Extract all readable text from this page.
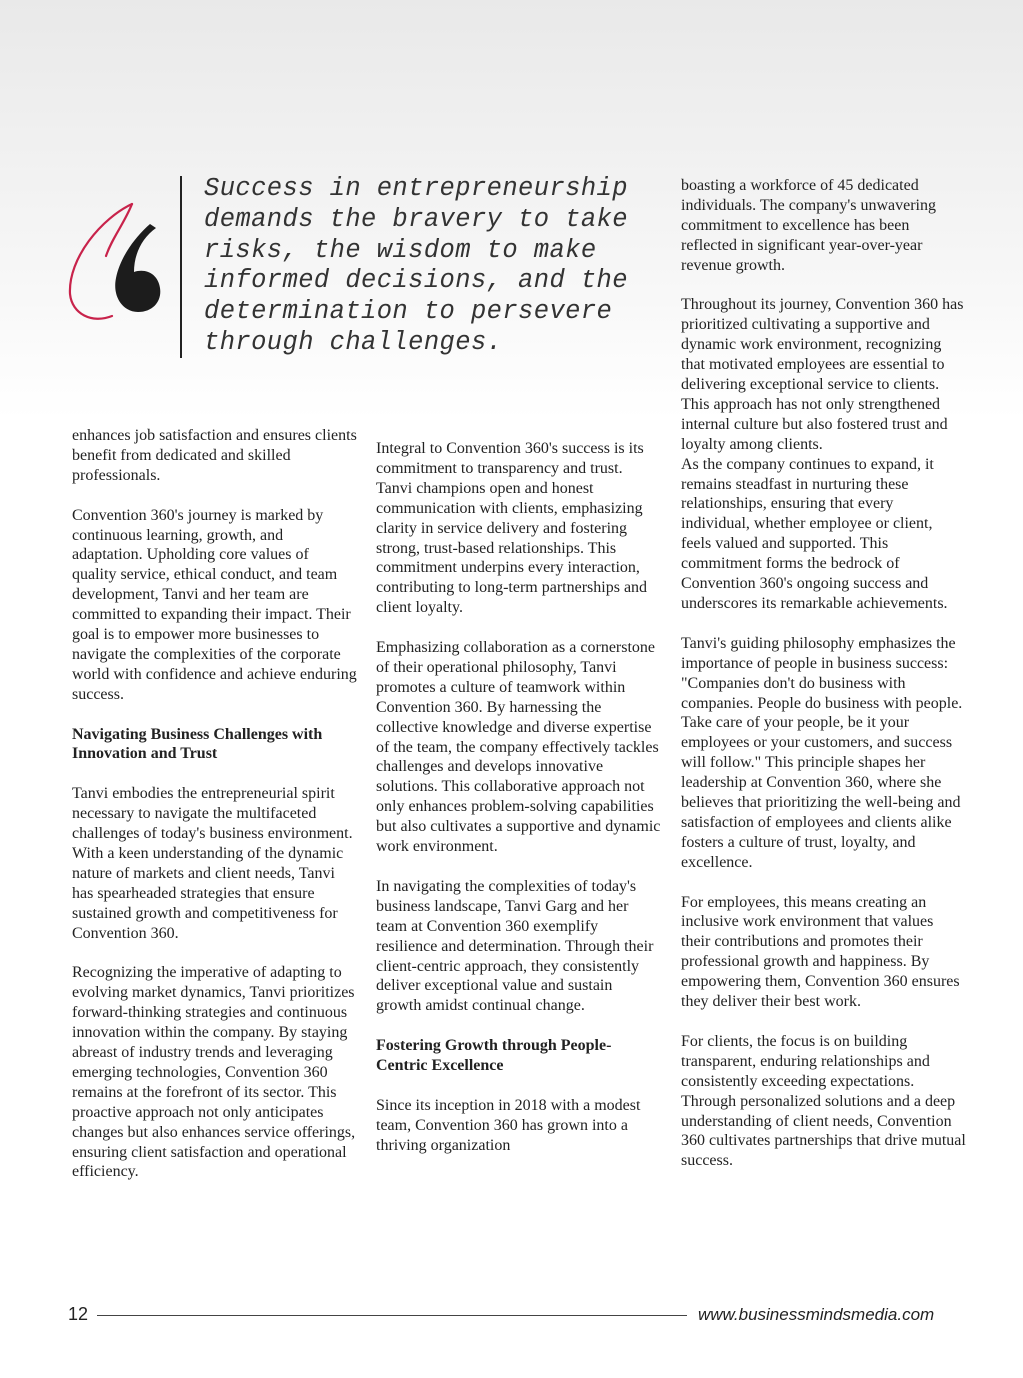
Success in entrepreneurship demands the bravery to take risks, the wisdom to make informed decisions, and the determination to persevere through challenges.

enhances job satisfaction and ensures clients benefit from dedicated and skilled professionals.

Convention 360's journey is marked by continuous learning, growth, and adaptation. Upholding core values of quality service, ethical conduct, and team development, Tanvi and her team are committed to expanding their impact. Their goal is to empower more businesses to navigate the complexities of the corporate world with confidence and achieve enduring success.

Navigating Business Challenges with Innovation and Trust

Tanvi embodies the entrepreneurial spirit necessary to navigate the multifaceted challenges of today's business environment. With a keen understanding of the dynamic nature of markets and client needs, Tanvi has spearheaded strategies that ensure sustained growth and competitiveness for Convention 360.

Recognizing the imperative of adapting to evolving market dynamics, Tanvi prioritizes forward-thinking strategies and continuous innovation within the company. By staying abreast of industry trends and leveraging emerging technologies, Convention 360 remains at the forefront of its sector. This proactive approach not only anticipates changes but also enhances service offerings, ensuring client satisfaction and operational efficiency.

Integral to Convention 360's success is its commitment to transparency and trust. Tanvi champions open and honest communication with clients, emphasizing clarity in service delivery and fostering strong, trust-based relationships. This commitment underpins every interaction, contributing to long-term partnerships and client loyalty.

Emphasizing collaboration as a cornerstone of their operational philosophy, Tanvi promotes a culture of teamwork within Convention 360. By harnessing the collective knowledge and diverse expertise of the team, the company effectively tackles challenges and develops innovative solutions. This collaborative approach not only enhances problem-solving capabilities but also cultivates a supportive and dynamic work environment.

In navigating the complexities of today's business landscape, Tanvi Garg and her team at Convention 360 exemplify resilience and determination. Through their client-centric approach, they consistently deliver exceptional value and sustain growth amidst continual change.

Fostering Growth through People-Centric Excellence

Since its inception in 2018 with a modest team, Convention 360 has grown into a thriving organization

boasting a workforce of 45 dedicated individuals. The company's unwavering commitment to excellence has been reflected in significant year-over-year revenue growth.

Throughout its journey, Convention 360 has prioritized cultivating a supportive and dynamic work environment, recognizing that motivated employees are essential to delivering exceptional service to clients. This approach has not only strengthened internal culture but also fostered trust and loyalty among clients.

As the company continues to expand, it remains steadfast in nurturing these relationships, ensuring that every individual, whether employee or client, feels valued and supported. This commitment forms the bedrock of Convention 360's ongoing success and underscores its remarkable achievements.

Tanvi's guiding philosophy emphasizes the importance of people in business success: "Companies don't do business with companies. People do business with people. Take care of your people, be it your employees or your customers, and success will follow." This principle shapes her leadership at Convention 360, where she believes that prioritizing the well-being and satisfaction of employees and clients alike fosters a culture of trust, loyalty, and excellence.

For employees, this means creating an inclusive work environment that values their contributions and promotes their professional growth and happiness. By empowering them, Convention 360 ensures they deliver their best work.

For clients, the focus is on building transparent, enduring relationships and consistently exceeding expectations. Through personalized solutions and a deep understanding of client needs, Convention 360 cultivates partnerships that drive mutual success.

12	www.businessmindsmedia.com
